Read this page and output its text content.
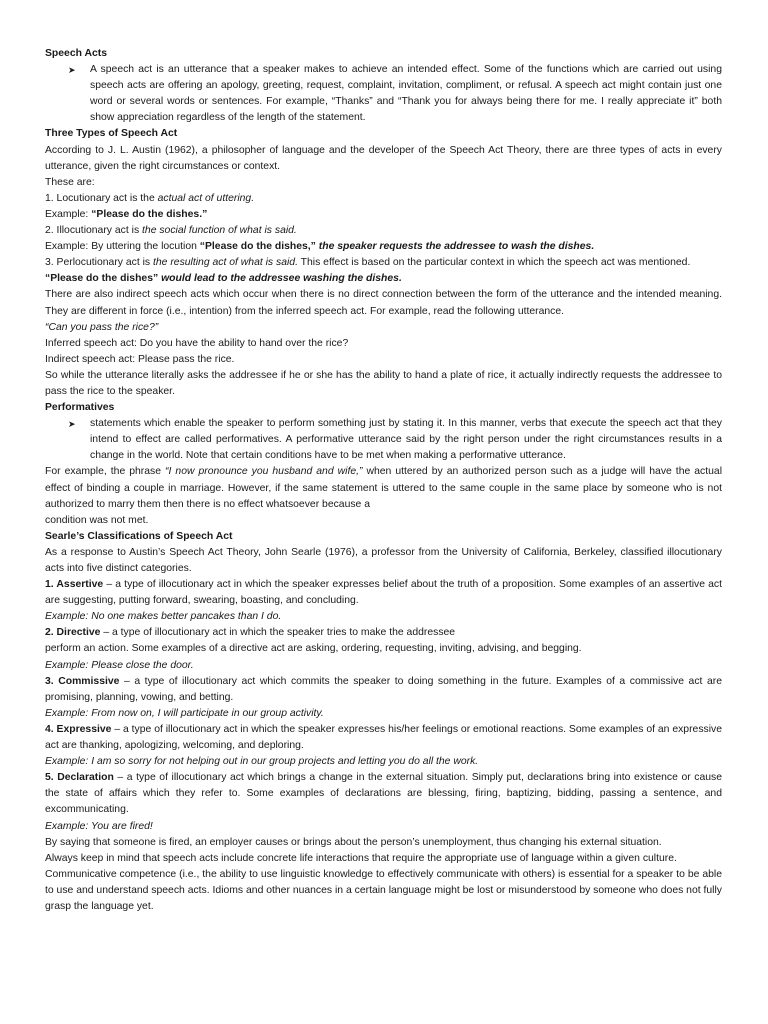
Speech Acts

➤ A speech act is an utterance that a speaker makes to achieve an intended effect. Some of the functions which are carried out using speech acts are offering an apology, greeting, request, complaint, invitation, compliment, or refusal. A speech act might contain just one word or several words or sentences. For example, “Thanks” and “Thank you for always being there for me. I really appreciate it” both show appreciation regardless of the length of the statement.

Three Types of Speech Act

According to J. L. Austin (1962), a philosopher of language and the developer of the Speech Act Theory, there are three types of acts in every utterance, given the right circumstances or context.

These are:

1. Locutionary act is the actual act of uttering.

Example: “Please do the dishes.”

2. Illocutionary act is the social function of what is said.

Example: By uttering the locution “Please do the dishes,” the speaker requests the addressee to wash the dishes.

3. Perlocutionary act is the resulting act of what is said. This effect is based on the particular context in which the speech act was mentioned.

“Please do the dishes” would lead to the addressee washing the dishes.

There are also indirect speech acts which occur when there is no direct connection between the form of the utterance and the intended meaning. They are different in force (i.e., intention) from the inferred speech act. For example, read the following utterance.

“Can you pass the rice?”

Inferred speech act: Do you have the ability to hand over the rice?

Indirect speech act: Please pass the rice.

So while the utterance literally asks the addressee if he or she has the ability to hand a plate of rice, it actually indirectly requests the addressee to pass the rice to the speaker.

Performatives

➤ statements which enable the speaker to perform something just by stating it. In this manner, verbs that execute the speech act that they intend to effect are called performatives. A performative utterance said by the right person under the right circumstances results in a change in the world. Note that certain conditions have to be met when making a performative utterance.

For example, the phrase “I now pronounce you husband and wife,” when uttered by an authorized person such as a judge will have the actual effect of binding a couple in marriage. However, if the same statement is uttered to the same couple in the same place by someone who is not authorized to marry them then there is no effect whatsoever because a

condition was not met.

Searle’s Classifications of Speech Act

As a response to Austin’s Speech Act Theory, John Searle (1976), a professor from the University of California, Berkeley, classified illocutionary acts into five distinct categories.

1. Assertive – a type of illocutionary act in which the speaker expresses belief about the truth of a proposition. Some examples of an assertive act are suggesting, putting forward, swearing, boasting, and concluding.

Example: No one makes better pancakes than I do.

2. Directive – a type of illocutionary act in which the speaker tries to make the addressee

perform an action. Some examples of a directive act are asking, ordering, requesting, inviting, advising, and begging.

Example: Please close the door.

3. Commissive – a type of illocutionary act which commits the speaker to doing something in the future. Examples of a commissive act are promising, planning, vowing, and betting.

Example: From now on, I will participate in our group activity.

4. Expressive – a type of illocutionary act in which the speaker expresses his/her feelings or emotional reactions. Some examples of an expressive act are thanking, apologizing, welcoming, and deploring.

Example: I am so sorry for not helping out in our group projects and letting you do all the work.

5. Declaration – a type of illocutionary act which brings a change in the external situation. Simply put, declarations bring into existence or cause the state of affairs which they refer to. Some examples of declarations are blessing, firing, baptizing, bidding, passing a sentence, and excommunicating.

Example: You are fired!

By saying that someone is fired, an employer causes or brings about the person’s unemployment, thus changing his external situation.

Always keep in mind that speech acts include concrete life interactions that require the appropriate use of language within a given culture.

Communicative competence (i.e., the ability to use linguistic knowledge to effectively communicate with others) is essential for a speaker to be able to use and understand speech acts. Idioms and other nuances in a certain language might be lost or misunderstood by someone who does not fully grasp the language yet.
